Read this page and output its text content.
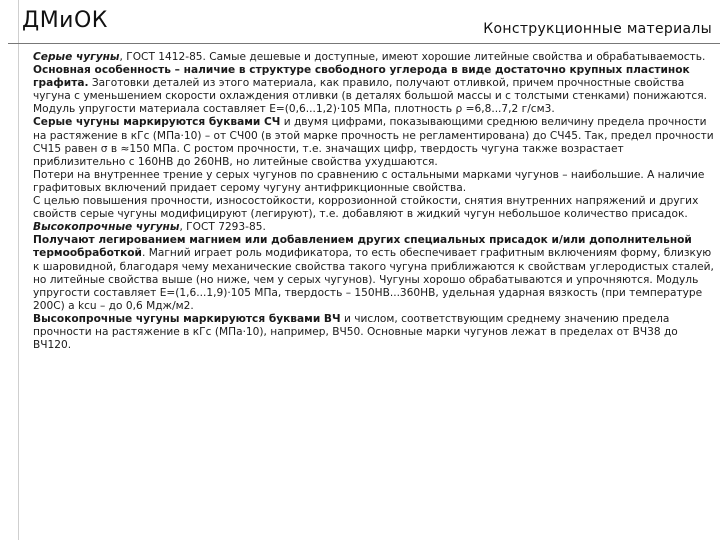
ДМиОК	Конструкционные материалы

Серые чугуны, ГОСТ 1412-85. Самые дешевые и доступные, имеют хорошие литейные свойства и обрабатываемость.

Основная особенность – наличие в структуре свободного углерода в виде достаточно крупных пластинок графита. Заготовки деталей из этого материала, как правило, получают отливкой, причем прочностные свойства чугуна с уменьшением скорости охлаждения отливки (в деталях большой массы и с толстыми стенками) понижаются. Модуль упругости материала составляет E=(0,6...1,2)·105 МПа, плотность ρ =6,8...7,2 г/см3.

Серые чугуны маркируются буквами СЧ и двумя цифрами, показывающими среднюю величину предела прочности на растяжение в кГс (МПа·10) – от СЧ00 (в этой марке прочность не регламентирована) до СЧ45. Так, предел прочности СЧ15 равен σ в ≈150 МПа. С ростом прочности, т.е. значащих цифр, твердость чугуна также возрастает приблизительно с 160НВ до 260НВ, но литейные свойства ухудшаются.

Потери на внутреннее трение у серых чугунов по сравнению с остальными марками чугунов – наибольшие. А наличие графитовых включений придает серому чугуну антифрикционные свойства.

С целью повышения прочности, износостойкости, коррозионной стойкости, снятия внутренних напряжений и других свойств серые чугуны модифицируют (легируют), т.е. добавляют в жидкий чугун небольшое количество присадок.

Высокопрочные чугуны, ГОСТ 7293-85.

Получают легированием магнием или добавлением других специальных присадок и/или дополнительной термообработкой. Магний играет роль модификатора, то есть обеспечивает графитным включениям форму, близкую к шаровидной, благодаря чему механические свойства такого чугуна приближаются к свойствам углеродистых сталей, но литейные свойства выше (но ниже, чем у серых чугунов). Чугуны хорошо обрабатываются и упрочняются. Модуль упругости составляет E=(1,6...1,9)·105 МПа, твердость – 150НВ...360НВ, удельная ударная вязкость (при температуре 200С) a kcu – до 0,6 Мдж/м2.

Высокопрочные чугуны маркируются буквами ВЧ и числом, соответствующим среднему значению предела прочности на растяжение в кГс (МПа·10), например, ВЧ50. Основные марки чугунов лежат в пределах от ВЧ38 до ВЧ120.
